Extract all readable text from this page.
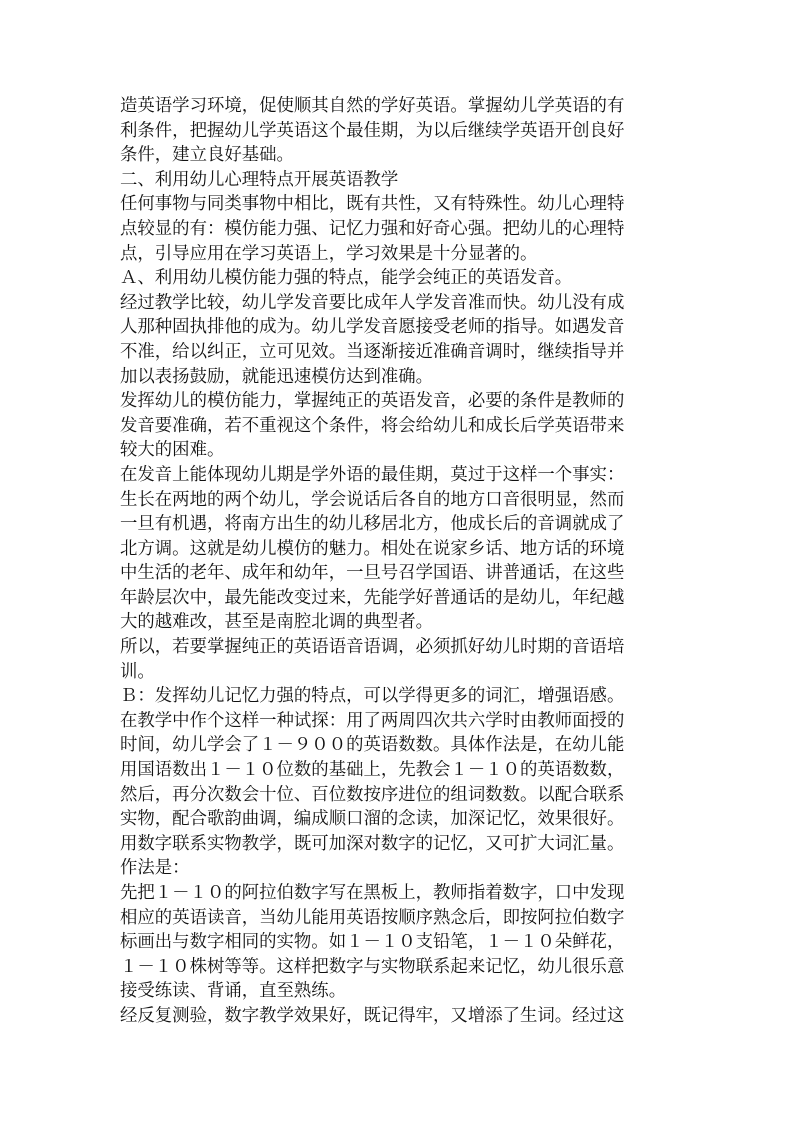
造英语学习环境，促使顺其自然的学好英语。掌握幼儿学英语的有
利条件，把握幼儿学英语这个最佳期，为以后继续学英语开创良好
条件，建立良好基础。
二、利用幼儿心理特点开展英语教学
任何事物与同类事物中相比，既有共性，又有特殊性。幼儿心理特
点较显的有：模仿能力强、记忆力强和好奇心强。把幼儿的心理特
点，引导应用在学习英语上，学习效果是十分显著的。
Ａ、利用幼儿模仿能力强的特点，能学会纯正的英语发音。
经过教学比较，幼儿学发音要比成年人学发音准而快。幼儿没有成
人那种固执排他的成为。幼儿学发音愿接受老师的指导。如遇发音
不准，给以纠正，立可见效。当逐渐接近准确音调时，继续指导并
加以表扬鼓励，就能迅速模仿达到准确。
发挥幼儿的模仿能力，掌握纯正的英语发音，必要的条件是教师的
发音要准确，若不重视这个条件，将会给幼儿和成长后学英语带来
较大的困难。
在发音上能体现幼儿期是学外语的最佳期，莫过于这样一个事实：
生长在两地的两个幼儿，学会说话后各自的地方口音很明显，然而
一旦有机遇，将南方出生的幼儿移居北方，他成长后的音调就成了
北方调。这就是幼儿模仿的魅力。相处在说家乡话、地方话的环境
中生活的老年、成年和幼年，一旦号召学国语、讲普通话，在这些
年龄层次中，最先能改变过来，先能学好普通话的是幼儿，年纪越
大的越难改，甚至是南腔北调的典型者。
所以，若要掌握纯正的英语语音语调，必须抓好幼儿时期的音语培
训。
Ｂ：发挥幼儿记忆力强的特点，可以学得更多的词汇，增强语感。
在教学中作个这样一种试探：用了两周四次共六学时由教师面授的
时间，幼儿学会了１－９００的英语数数。具体作法是，在幼儿能
用国语数出１－１０位数的基础上，先教会１－１０的英语数数，
然后，再分次数会十位、百位数按序进位的组词数数。以配合联系
实物，配合歌韵曲调，编成顺口溜的念读，加深记忆，效果很好。
用数字联系实物教学，既可加深对数字的记忆，又可扩大词汇量。
作法是：
先把１－１０的阿拉伯数字写在黑板上，教师指着数字，口中发现
相应的英语读音，当幼儿能用英语按顺序熟念后，即按阿拉伯数字
标画出与数字相同的实物。如１－１０支铅笔，１－１０朵鲜花，
１－１０株树等等。这样把数字与实物联系起来记忆，幼儿很乐意
接受练读、背诵，直至熟练。
经反复测验，数字教学效果好，既记得牢，又增添了生词。经过这
